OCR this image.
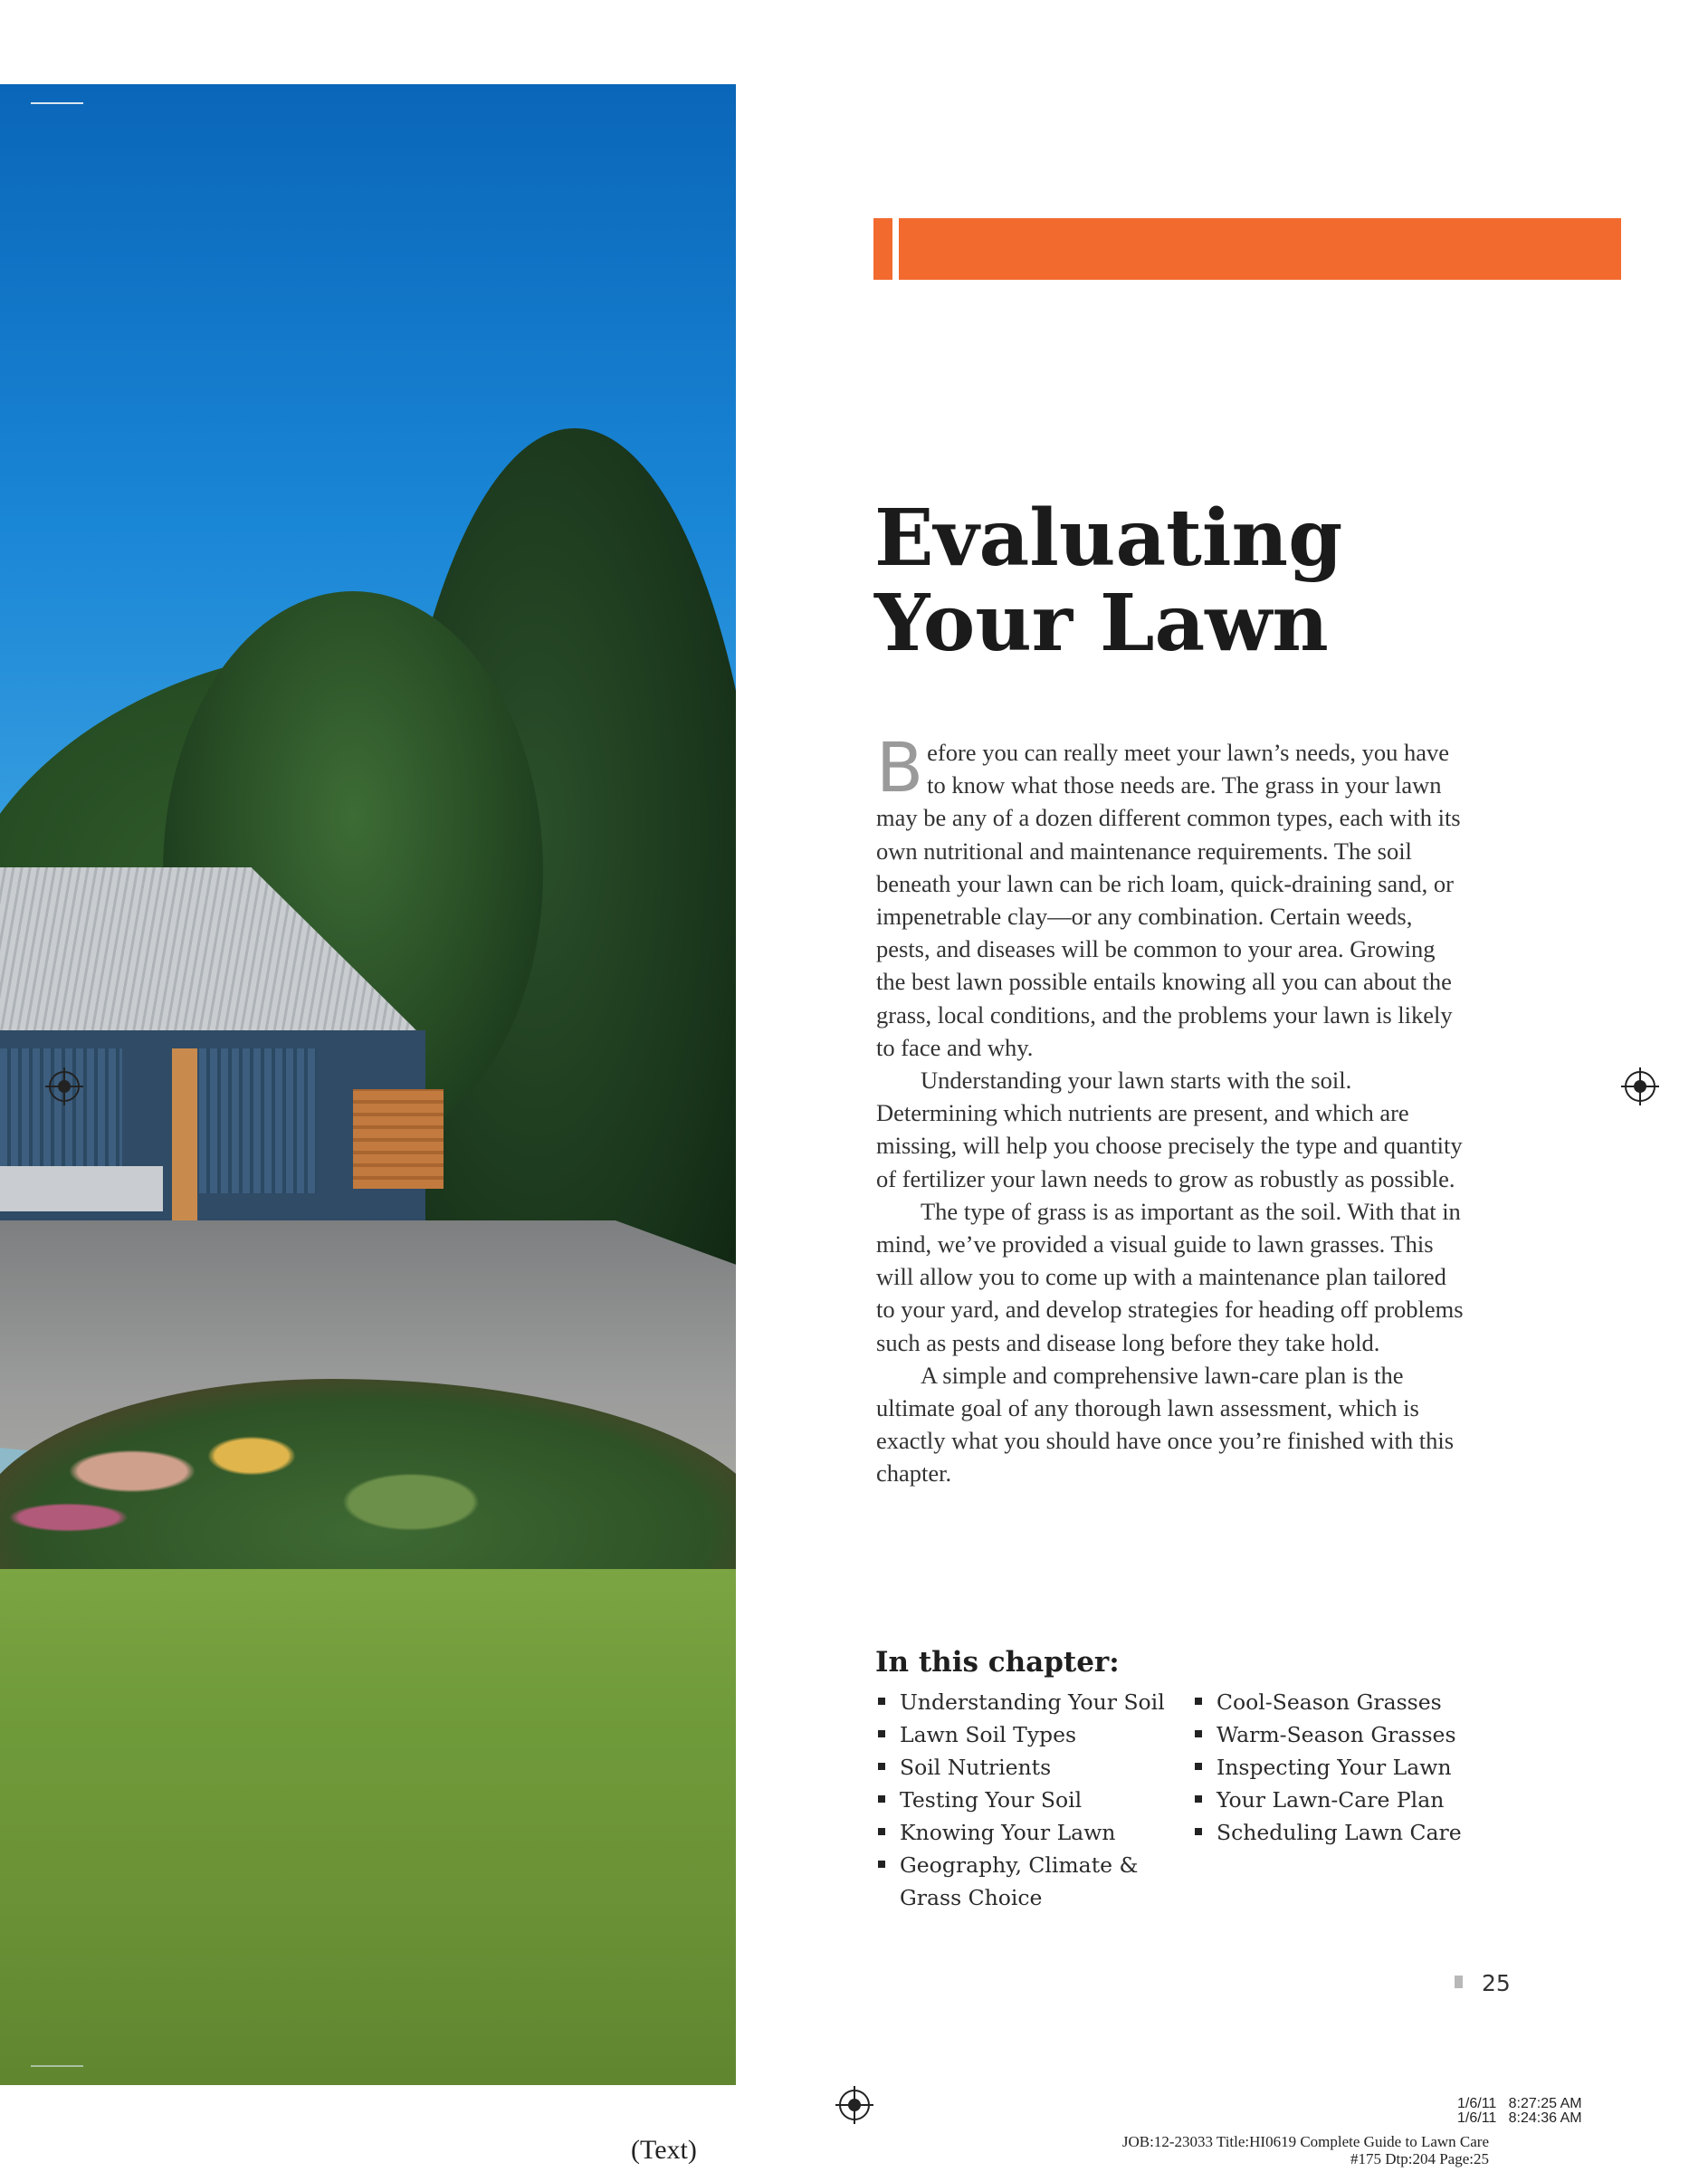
Evaluating
Your Lawn

Before you can really meet your lawn’s needs, you have to know what those needs are. The grass in your lawn may be any of a dozen different common types, each with its own nutritional and maintenance requirements. The soil beneath your lawn can be rich loam, quick-draining sand, or impenetrable clay—or any combination. Certain weeds, pests, and diseases will be common to your area. Growing the best lawn possible entails knowing all you can about the grass, local conditions, and the problems your lawn is likely to face and why.

Understanding your lawn starts with the soil. Determining which nutrients are present, and which are missing, will help you choose precisely the type and quantity of fertilizer your lawn needs to grow as robustly as possible.

The type of grass is as important as the soil. With that in mind, we’ve provided a visual guide to lawn grasses. This will allow you to come up with a maintenance plan tailored to your yard, and develop strategies for heading off problems such as pests and disease long before they take hold.

A simple and comprehensive lawn-care plan is the ultimate goal of any thorough lawn assessment, which is exactly what you should have once you’re finished with this chapter.

In this chapter:
Understanding Your Soil
Lawn Soil Types
Soil Nutrients
Testing Your Soil
Knowing Your Lawn
Geography, Climate & Grass Choice
Cool-Season Grasses
Warm-Season Grasses
Inspecting Your Lawn
Your Lawn-Care Plan
Scheduling Lawn Care
25
(Text)
1/6/11   8:27:25 AM
1/6/11   8:24:36 AM
JOB:12-23033 Title:HI0619 Complete Guide to Lawn Care
#175 Dtp:204 Page:25
